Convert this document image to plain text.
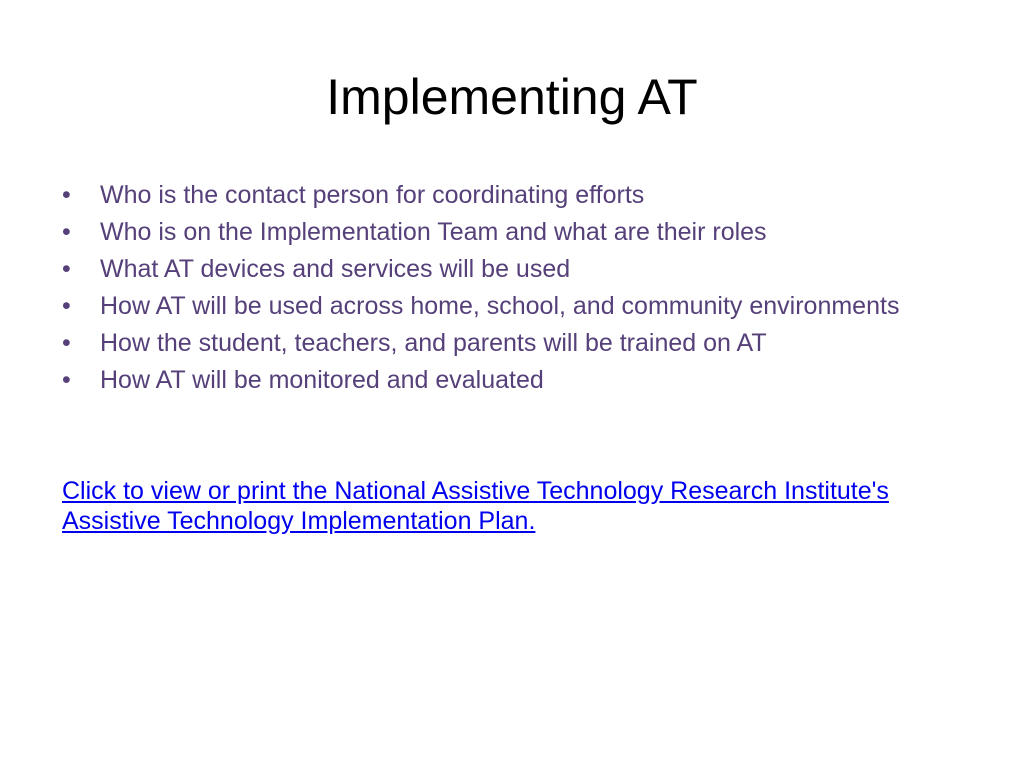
Implementing AT
• Who is the contact person for coordinating efforts
• Who is on the Implementation Team and what are their roles
• What AT devices and services will be used
• How AT will be used across home, school, and community environments
• How the student, teachers, and parents will be trained on AT
• How AT will be monitored and evaluated

Click to view or print the National Assistive Technology Research Institute's Assistive Technology Implementation Plan.
